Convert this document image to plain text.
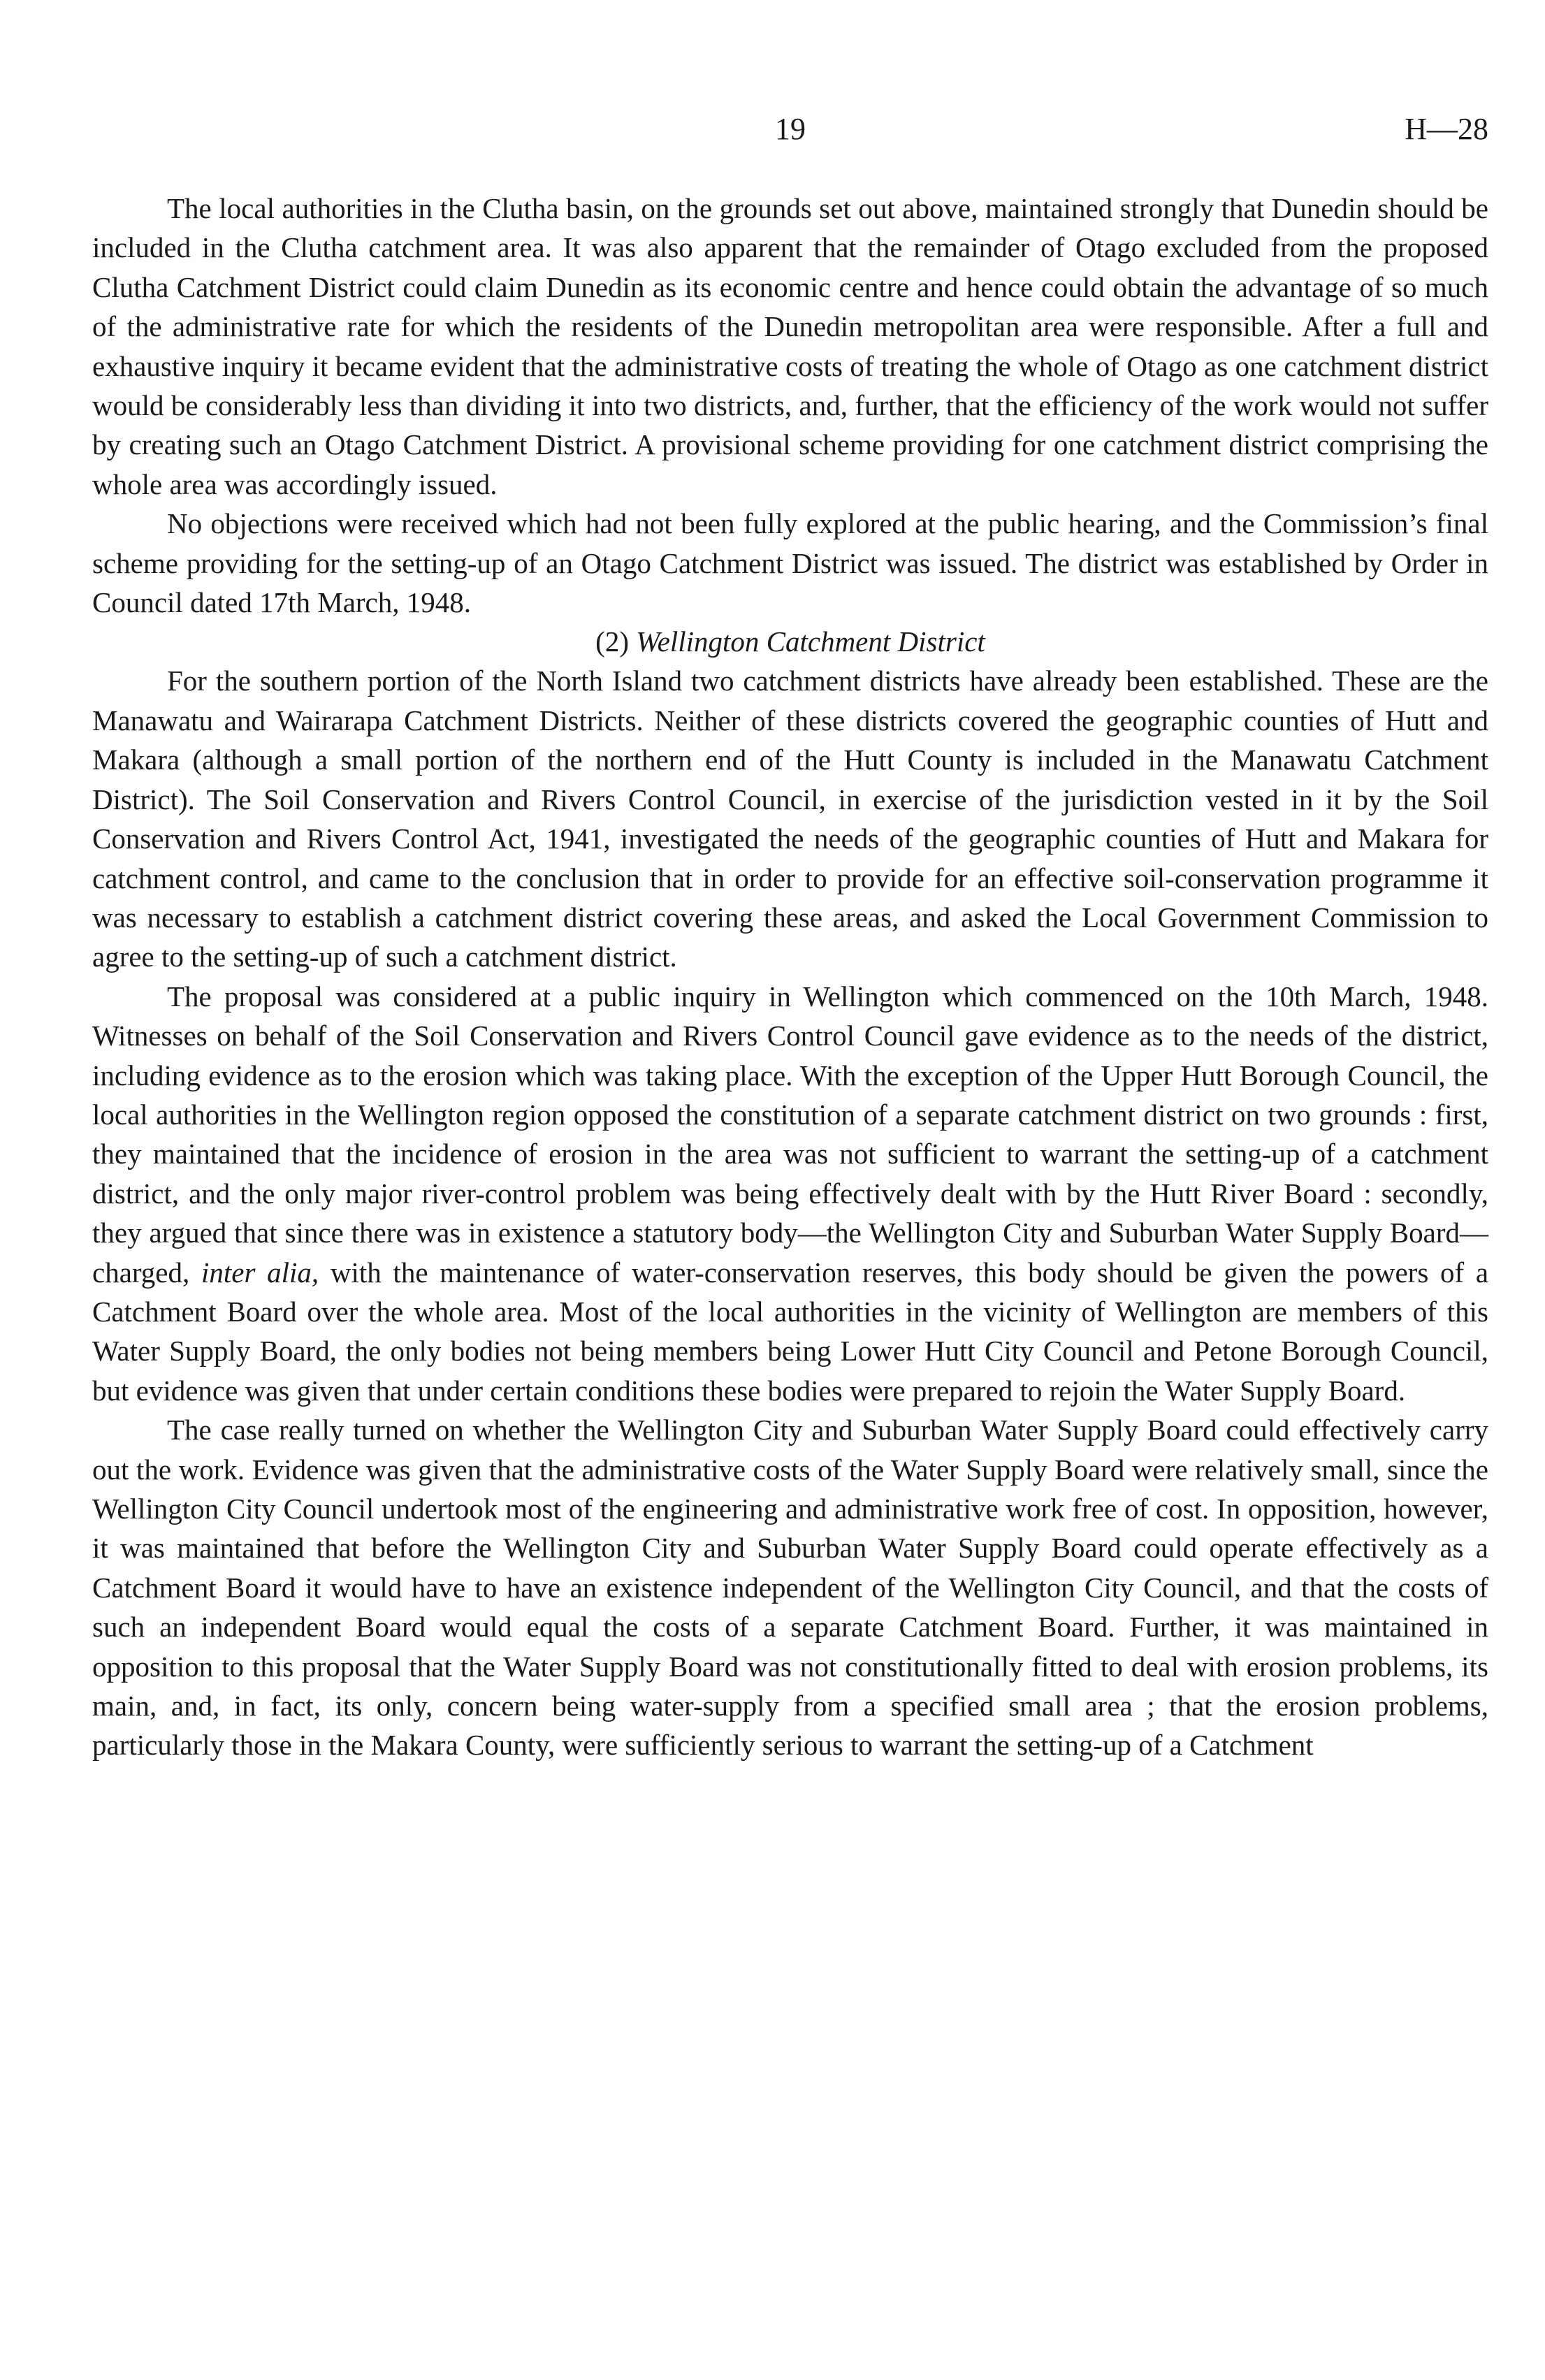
19	H—28

The local authorities in the Clutha basin, on the grounds set out above, maintained strongly that Dunedin should be included in the Clutha catchment area. It was also apparent that the remainder of Otago excluded from the proposed Clutha Catchment District could claim Dunedin as its economic centre and hence could obtain the advantage of so much of the administrative rate for which the residents of the Dunedin metropolitan area were responsible. After a full and exhaustive inquiry it became evident that the administrative costs of treating the whole of Otago as one catchment district would be considerably less than dividing it into two districts, and, further, that the efficiency of the work would not suffer by creating such an Otago Catchment District. A provisional scheme providing for one catchment district comprising the whole area was accordingly issued.

No objections were received which had not been fully explored at the public hearing, and the Commission’s final scheme providing for the setting-up of an Otago Catchment District was issued. The district was established by Order in Council dated 17th March, 1948.

(2) Wellington Catchment District

For the southern portion of the North Island two catchment districts have already been established. These are the Manawatu and Wairarapa Catchment Districts. Neither of these districts covered the geographic counties of Hutt and Makara (although a small portion of the northern end of the Hutt County is included in the Manawatu Catchment District). The Soil Conservation and Rivers Control Council, in exercise of the jurisdiction vested in it by the Soil Conservation and Rivers Control Act, 1941, investigated the needs of the geographic counties of Hutt and Makara for catchment control, and came to the conclusion that in order to provide for an effective soil-conservation programme it was necessary to establish a catchment district covering these areas, and asked the Local Government Commission to agree to the setting-up of such a catchment district.

The proposal was considered at a public inquiry in Wellington which commenced on the 10th March, 1948. Witnesses on behalf of the Soil Conservation and Rivers Control Council gave evidence as to the needs of the district, including evidence as to the erosion which was taking place. With the exception of the Upper Hutt Borough Council, the local authorities in the Wellington region opposed the constitution of a separate catchment district on two grounds : first, they maintained that the incidence of erosion in the area was not sufficient to warrant the setting-up of a catchment district, and the only major river-control problem was being effectively dealt with by the Hutt River Board : secondly, they argued that since there was in existence a statutory body—the Wellington City and Suburban Water Supply Board—charged, inter alia, with the maintenance of water-conservation reserves, this body should be given the powers of a Catchment Board over the whole area. Most of the local authorities in the vicinity of Wellington are members of this Water Supply Board, the only bodies not being members being Lower Hutt City Council and Petone Borough Council, but evidence was given that under certain conditions these bodies were prepared to rejoin the Water Supply Board.

The case really turned on whether the Wellington City and Suburban Water Supply Board could effectively carry out the work. Evidence was given that the administrative costs of the Water Supply Board were relatively small, since the Wellington City Council undertook most of the engineering and administrative work free of cost. In opposition, however, it was maintained that before the Wellington City and Suburban Water Supply Board could operate effectively as a Catchment Board it would have to have an existence independent of the Wellington City Council, and that the costs of such an independent Board would equal the costs of a separate Catchment Board. Further, it was maintained in opposition to this proposal that the Water Supply Board was not constitutionally fitted to deal with erosion problems, its main, and, in fact, its only, concern being water-supply from a specified small area ; that the erosion problems, particularly those in the Makara County, were sufficiently serious to warrant the setting-up of a Catchment
